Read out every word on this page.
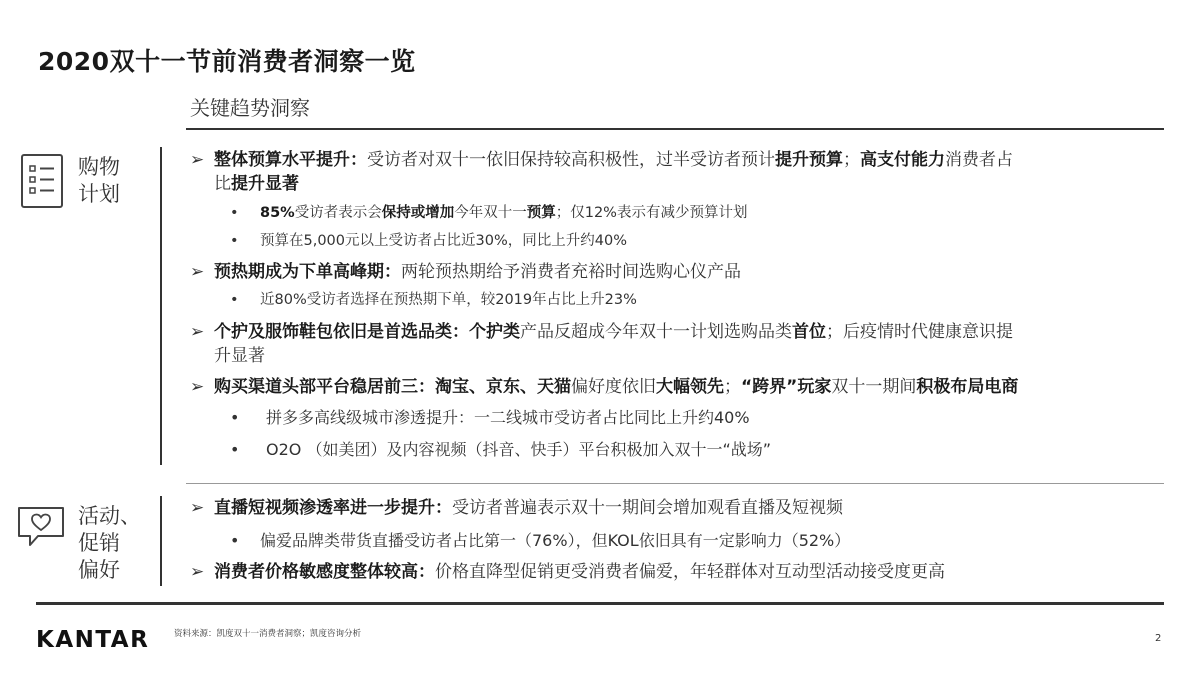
2020双十一节前消费者洞察一览
关键趋势洞察
购物
计划
➢ 整体预算水平提升：受访者对双十一依旧保持较高积极性，过半受访者预计提升预算；高支付能力消费者占
比提升显著
• 85%受访者表示会保持或增加今年双十一预算；仅12%表示有减少预算计划
• 预算在5,000元以上受访者占比近30%，同比上升约40%
➢ 预热期成为下单高峰期：两轮预热期给予消费者充裕时间选购心仪产品
• 近80%受访者选择在预热期下单，较2019年占比上升23%
➢ 个护及服饰鞋包依旧是首选品类：个护类产品反超成今年双十一计划选购品类首位；后疫情时代健康意识提
升显著
➢ 购买渠道头部平台稳居前三：淘宝、京东、天猫偏好度依旧大幅领先；“跨界”玩家双十一期间积极布局电商
• 拼多多高线级城市渗透提升：一二线城市受访者占比同比上升约40%
• O2O （如美团）及内容视频（抖音、快手）平台积极加入双十一“战场”
活动、
促销
偏好
➢ 直播短视频渗透率进一步提升：受访者普遍表示双十一期间会增加观看直播及短视频
• 偏爱品牌类带货直播受访者占比第一（76%），但KOL依旧具有一定影响力（52%）
➢ 消费者价格敏感度整体较高：价格直降型促销更受消费者偏爱，年轻群体对互动型活动接受度更高
KANTAR	资料来源：凯度双十一消费者洞察；凯度咨询分析	2
